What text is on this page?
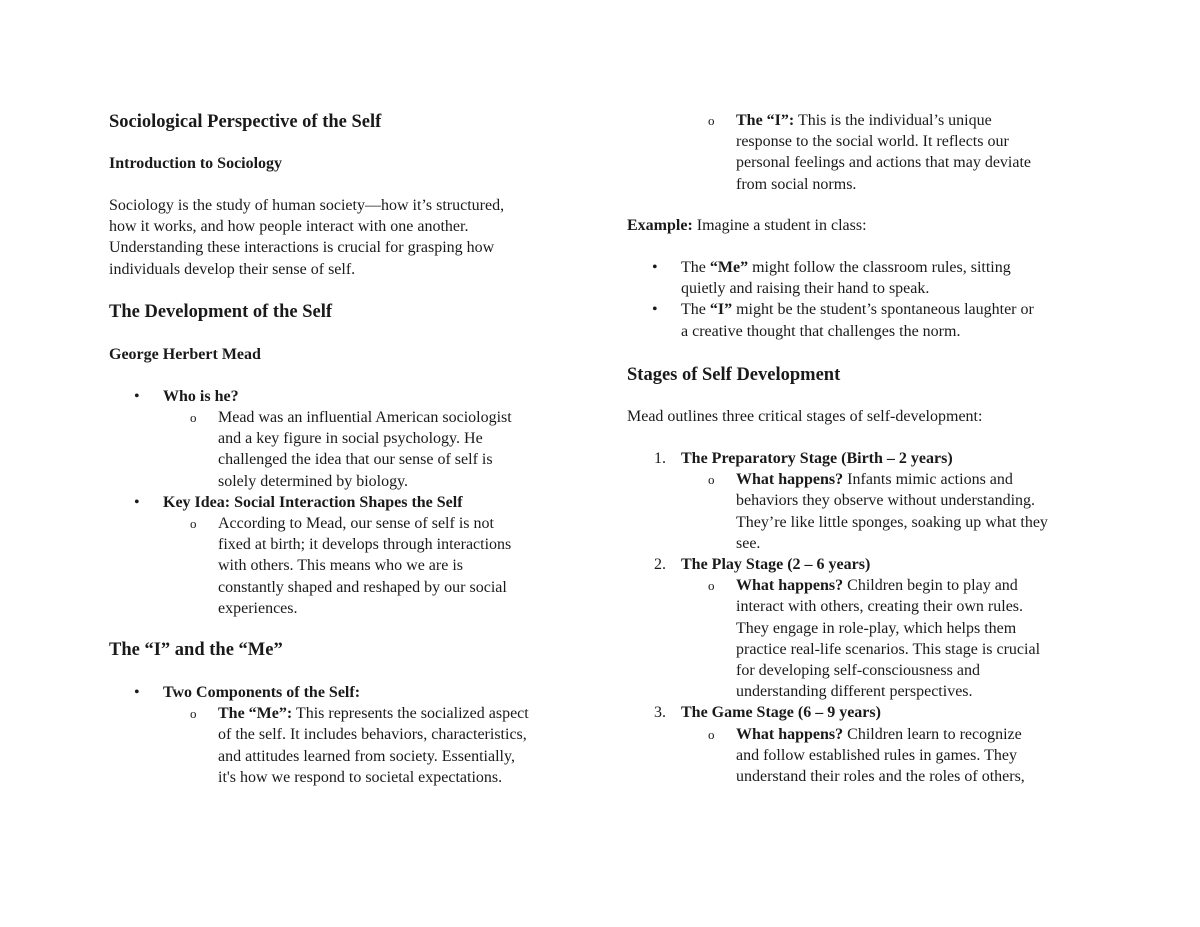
Sociological Perspective of the Self
Introduction to Sociology
Sociology is the study of human society—how it’s structured,
how it works, and how people interact with one another.
Understanding these interactions is crucial for grasping how
individuals develop their sense of self.
The Development of the Self
George Herbert Mead
• Who is he?
o Mead was an influential American sociologist
and a key figure in social psychology. He
challenged the idea that our sense of self is
solely determined by biology.
• Key Idea: Social Interaction Shapes the Self
o According to Mead, our sense of self is not
fixed at birth; it develops through interactions
with others. This means who we are is
constantly shaped and reshaped by our social
experiences.
The “I” and the “Me”
• Two Components of the Self:
o The “Me”: This represents the socialized aspect
of the self. It includes behaviors, characteristics,
and attitudes learned from society. Essentially,
it's how we respond to societal expectations.
o The “I”: This is the individual’s unique
response to the social world. It reflects our
personal feelings and actions that may deviate
from social norms.
Example: Imagine a student in class:
• The “Me” might follow the classroom rules, sitting
quietly and raising their hand to speak.
• The “I” might be the student’s spontaneous laughter or
a creative thought that challenges the norm.
Stages of Self Development
Mead outlines three critical stages of self-development:
1. The Preparatory Stage (Birth – 2 years)
o What happens? Infants mimic actions and
behaviors they observe without understanding.
They’re like little sponges, soaking up what they
see.
2. The Play Stage (2 – 6 years)
o What happens? Children begin to play and
interact with others, creating their own rules.
They engage in role-play, which helps them
practice real-life scenarios. This stage is crucial
for developing self-consciousness and
understanding different perspectives.
3. The Game Stage (6 – 9 years)
o What happens? Children learn to recognize
and follow established rules in games. They
understand their roles and the roles of others,
